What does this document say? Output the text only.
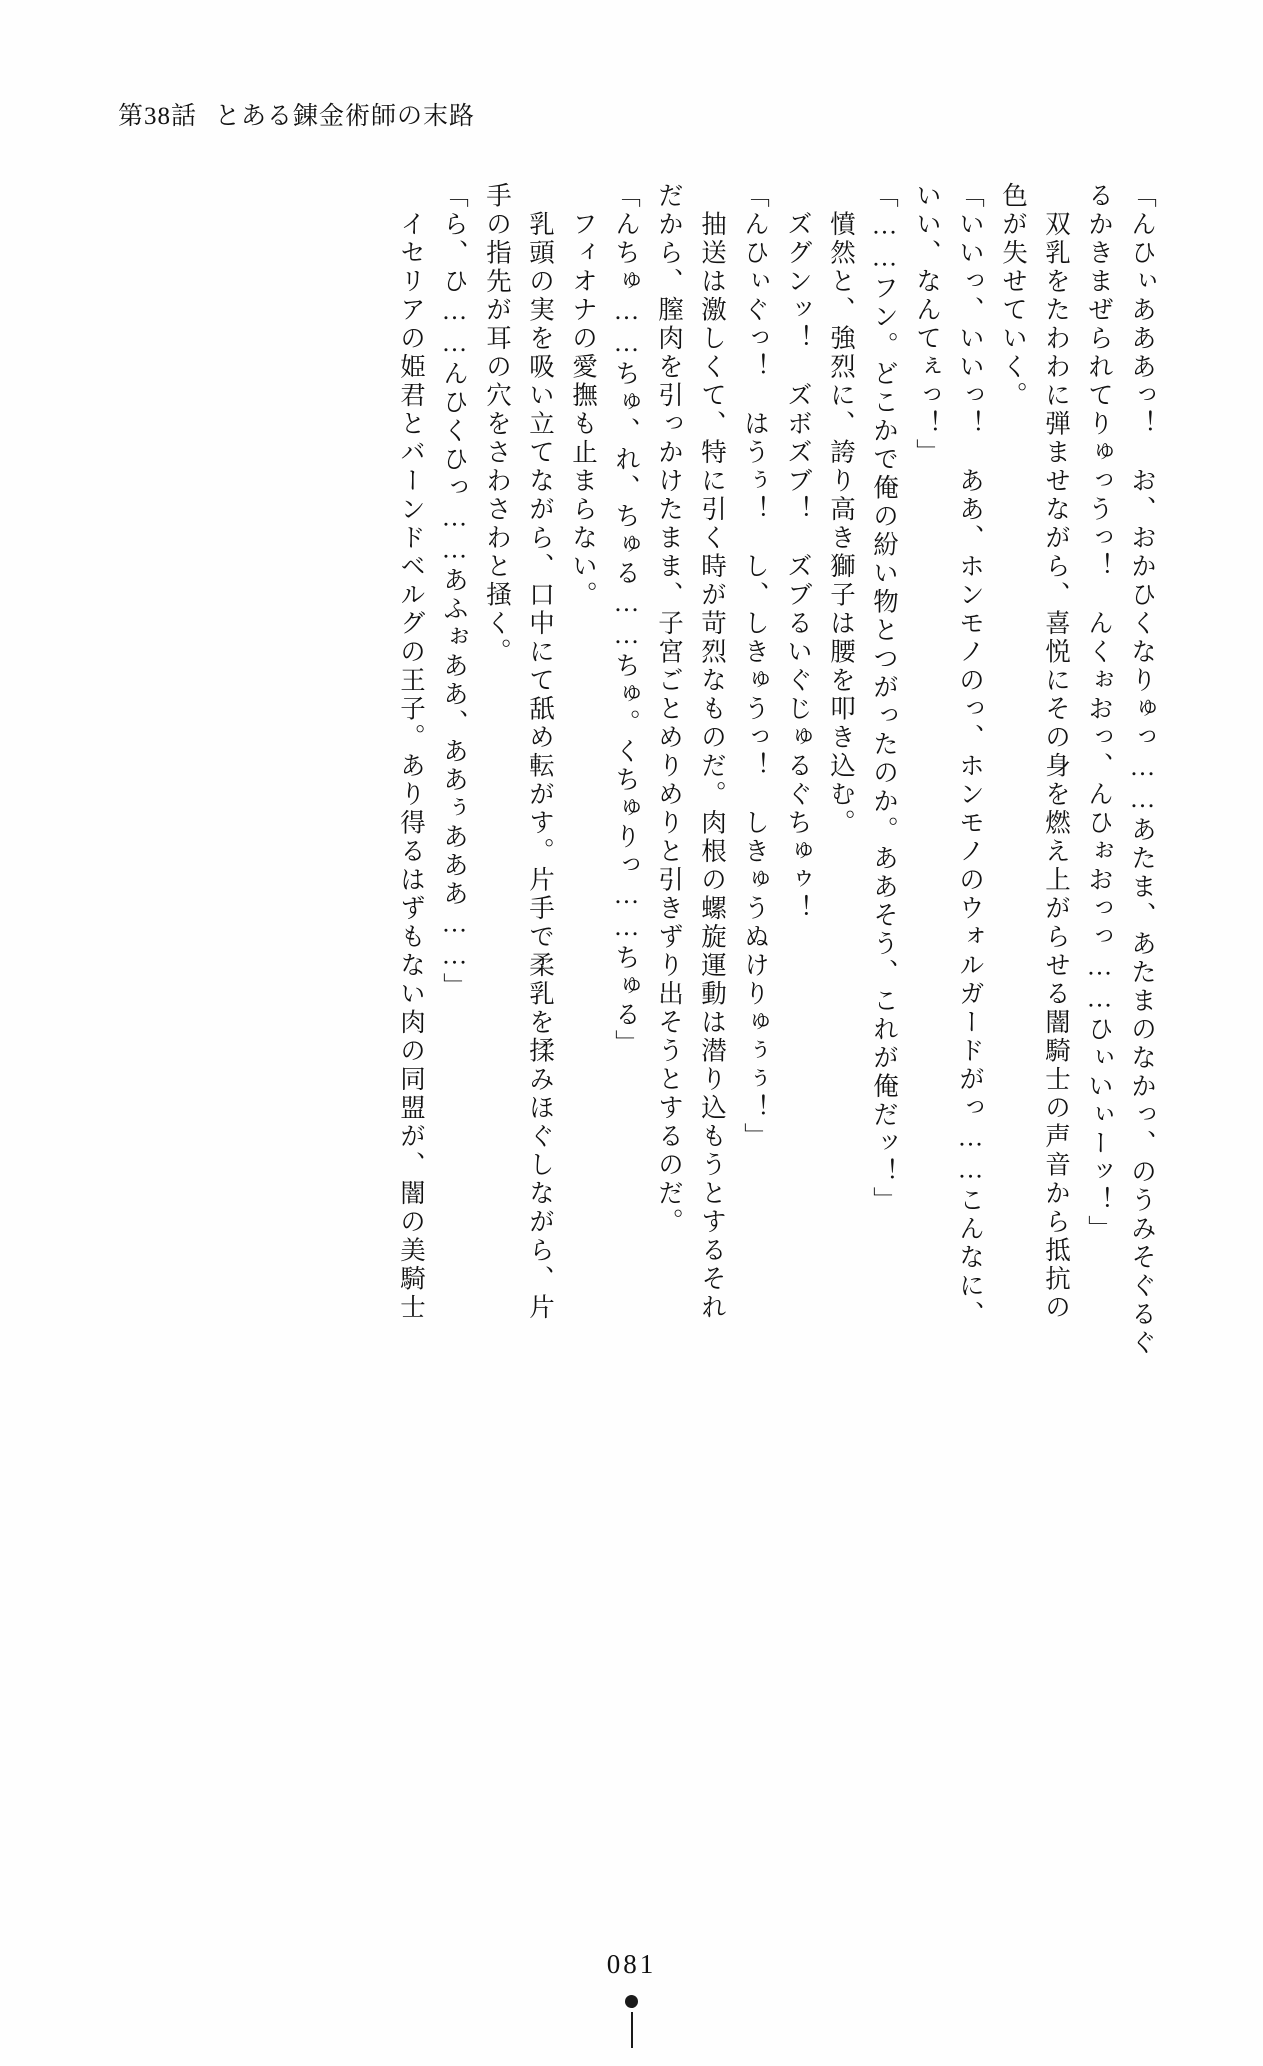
第38話 とある錬金術師の末路
「んひぃあああっ！　お、おかひくなりゅっ……あたま、あたまのなかっ、のうみそぐるぐ
るかきまぜられてりゅっうっ！　んくぉおっ、んひぉおっっ……ひぃいぃーッ！」
　双乳をたわわに弾ませながら、喜悦にその身を燃え上がらせる闇騎士の声音から抵抗の
色が失せていく。
「いいっ、いいっ！　ああ、ホンモノのっ、ホンモノのウォルガードがっ……こんなに、
いい、なんてぇっ！」
「……フン。どこかで俺の紛い物とつがったのか。ああそう、これが俺だッ！」
　憤然と、強烈に、誇り高き獅子は腰を叩き込む。
　ズグンッ！　ズボズブ！　ズブるいぐじゅるぐちゅゥ！
「んひぃぐっ！　はうぅ！　し、しきゅうっ！　しきゅうぬけりゅぅぅ！」
　抽送は激しくて、特に引く時が苛烈なものだ。肉根の螺旋運動は潜り込もうとするそれ
だから、膣肉を引っかけたまま、子宮ごとめりめりと引きずり出そうとするのだ。
「んちゅ……ちゅ、れ、ちゅる……ちゅ。くちゅりっ……ちゅる」
　フィオナの愛撫も止まらない。
　乳頭の実を吸い立てながら、口中にて舐め転がす。片手で柔乳を揉みほぐしながら、片
手の指先が耳の穴をさわさわと掻く。
「ら、ひ……んひくひっ……あふぉああ、ああぅあああ……」
　イセリアの姫君とバーンドベルグの王子。あり得るはずもない肉の同盟が、闇の美騎士
081
